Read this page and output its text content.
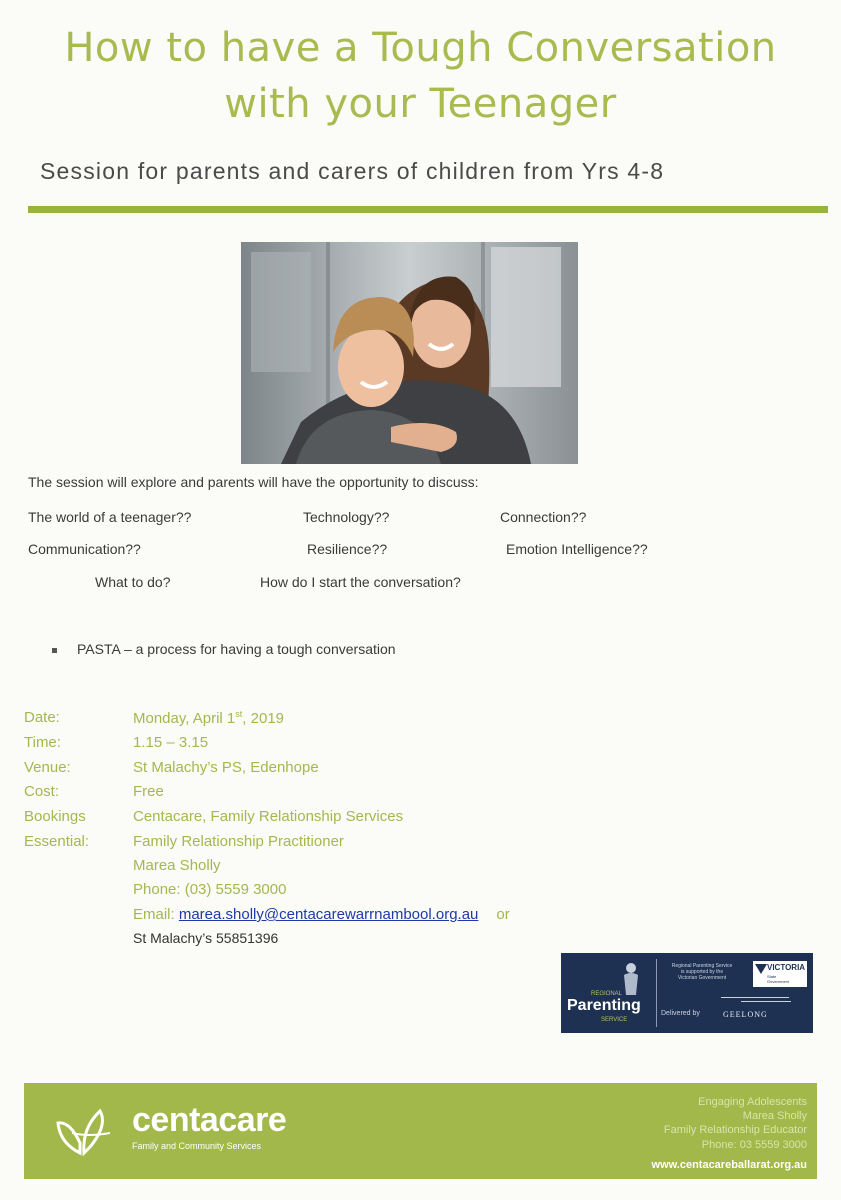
How to have a Tough Conversation
with your Teenager
Session for parents and carers of children from Yrs 4-8
The session will explore and parents will have the opportunity to discuss:
The world of a teenager??	Technology??	Connection??
Communication??	Resilience??	Emotion Intelligence??
What to do?	How do I start the conversation?
PASTA – a process for having a tough conversation
Date:	Monday, April 1st, 2019
Time:	1.15 – 3.15
Venue:	St Malachy’s PS, Edenhope
Cost:	Free
Bookings	Centacare, Family Relationship Services
Essential:	Family Relationship Practitioner
Marea Sholly
Phone: (03) 5559 3000
Email: marea.sholly@centacarewarrnambool.org.au or
St Malachy’s 55851396
REGIONAL
Parenting
SERVICE
Regional Parenting Service
is supported by the
Victorian Government
VICTORIA
State
Government
Delivered by	GEELONG
centacare
Family and Community Services
Engaging Adolescents
Marea Sholly
Family Relationship Educator
Phone: 03 5559 3000
www.centacareballarat.org.au
